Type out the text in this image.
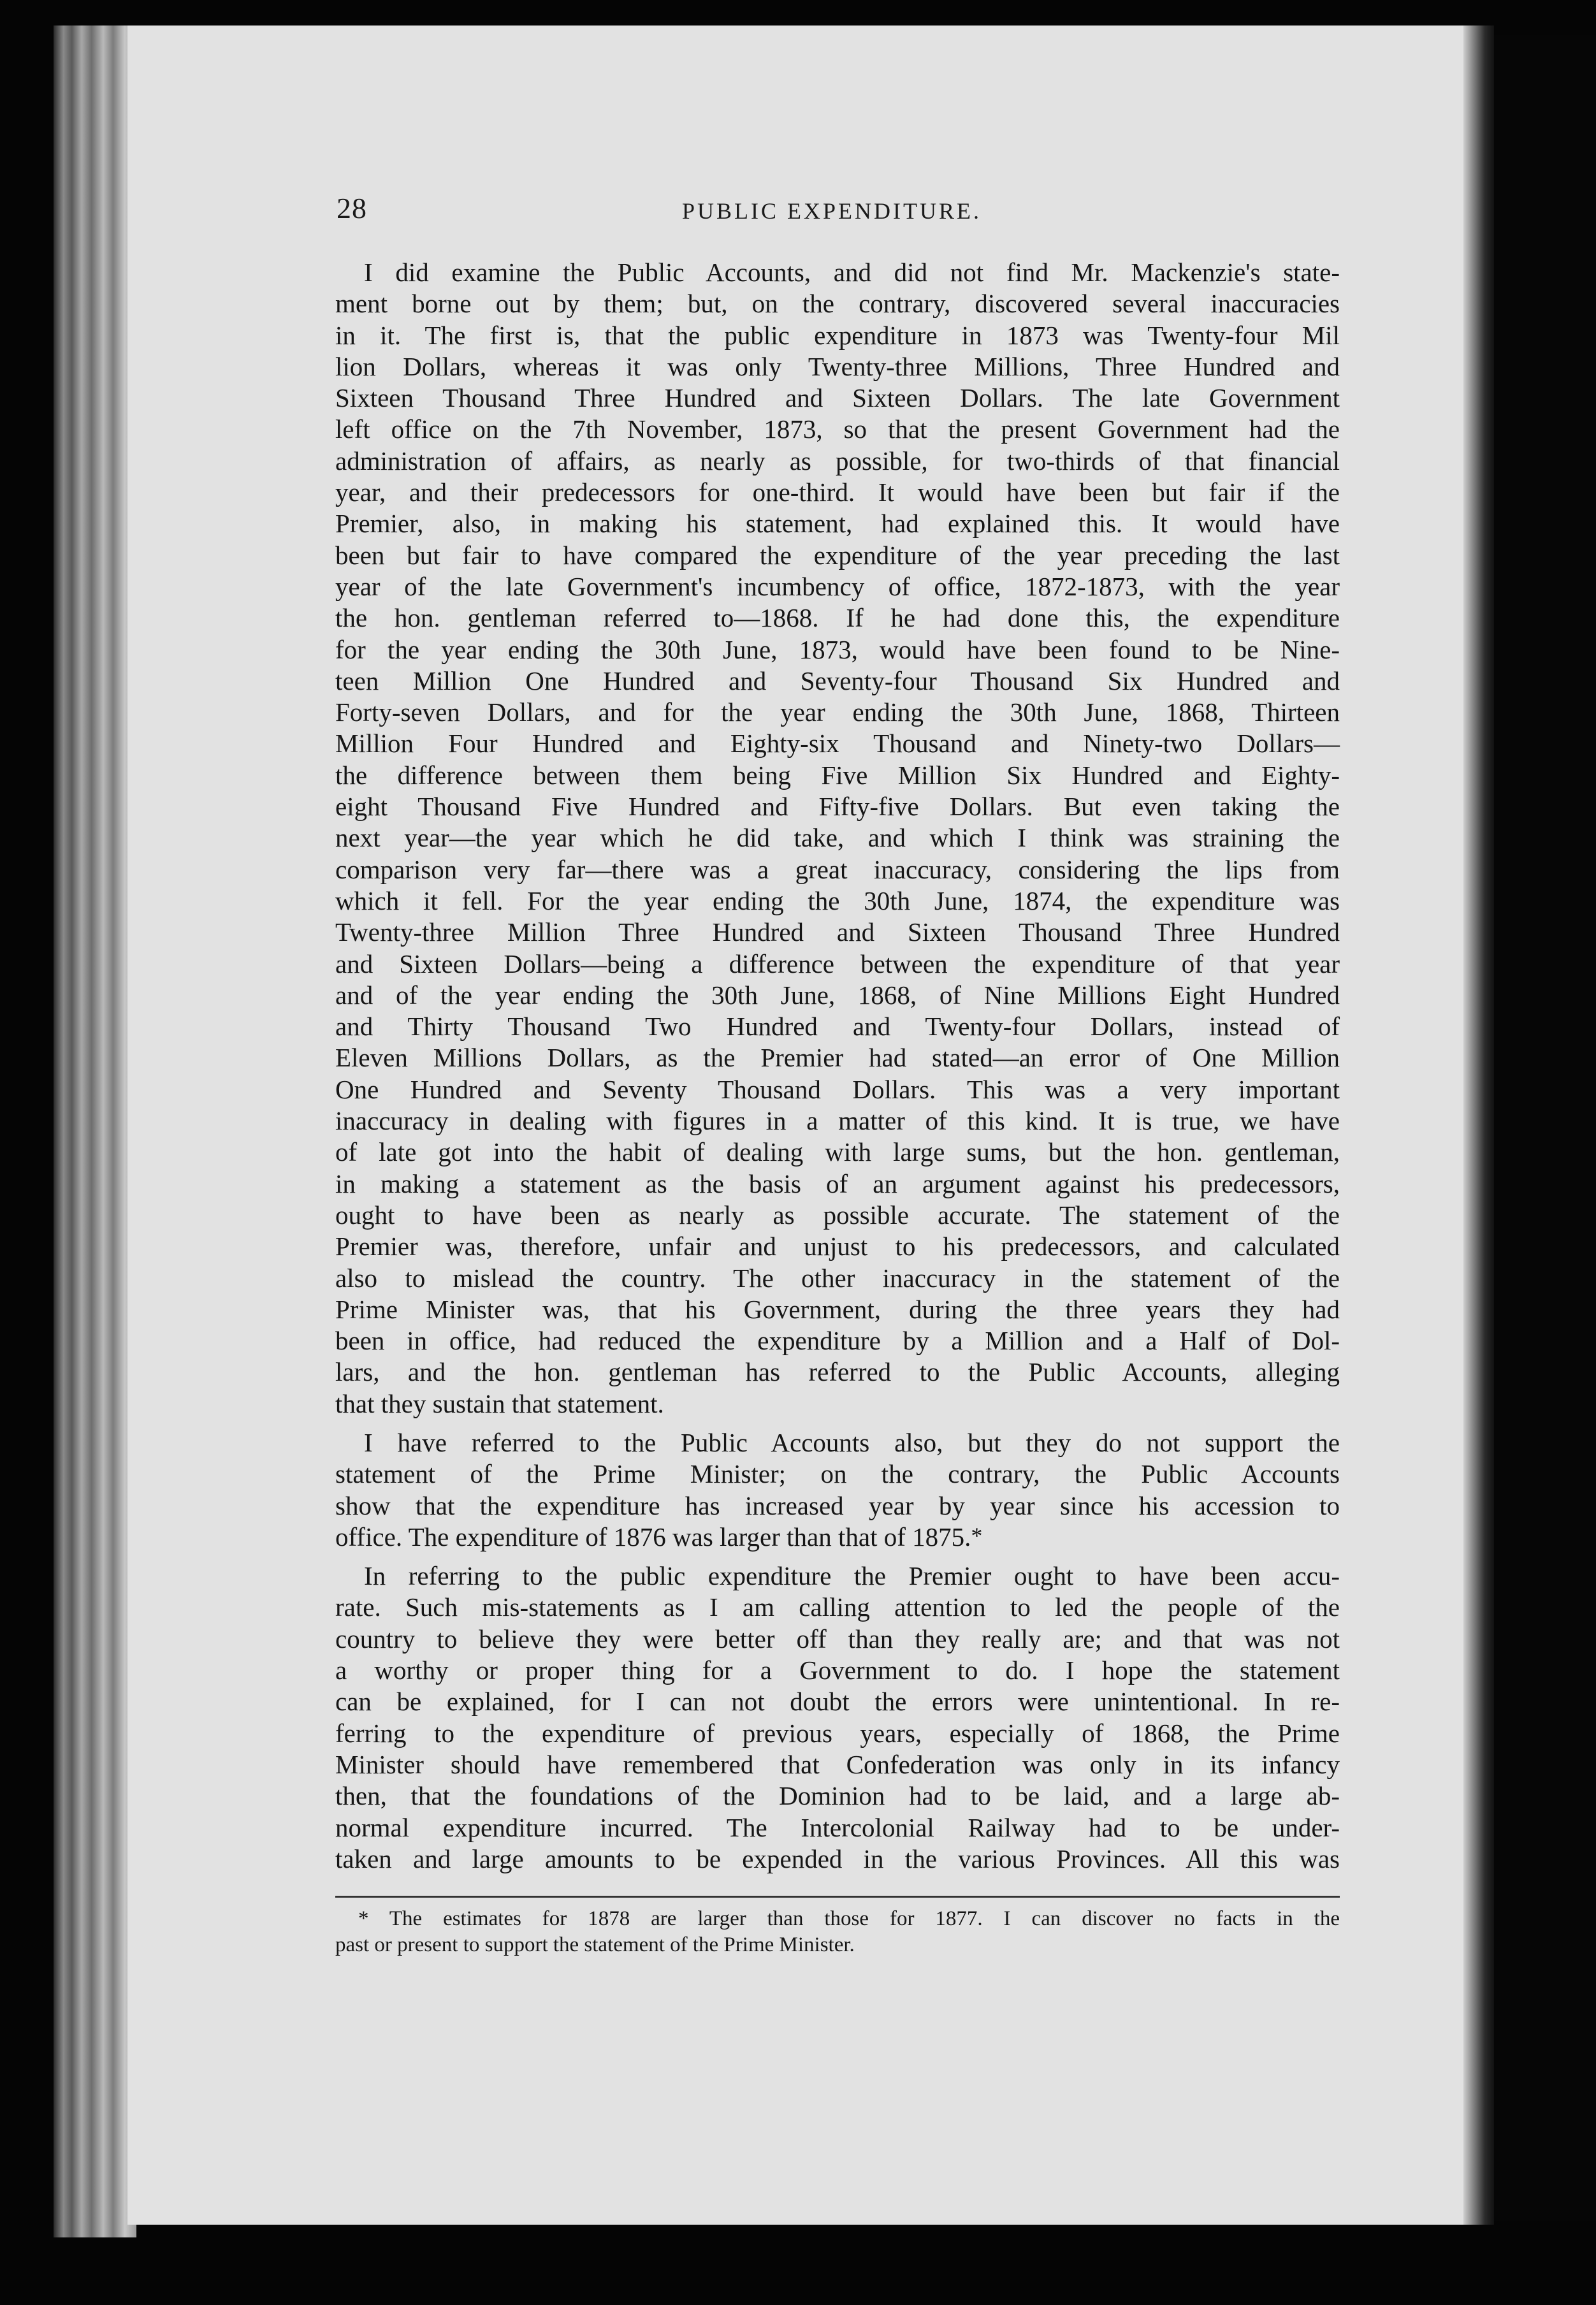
28	PUBLIC EXPENDITURE.
I did examine the Public Accounts, and did not find Mr. Mackenzie's state-
ment borne out by them; but, on the contrary, discovered several inaccuracies
in it. The first is, that the public expenditure in 1873 was Twenty-four Mil
lion Dollars, whereas it was only Twenty-three Millions, Three Hundred and
Sixteen Thousand Three Hundred and Sixteen Dollars. The late Government
left office on the 7th November, 1873, so that the present Government had the
administration of affairs, as nearly as possible, for two-thirds of that financial
year, and their predecessors for one-third. It would have been but fair if the
Premier, also, in making his statement, had explained this. It would have
been but fair to have compared the expenditure of the year preceding the last
year of the late Government's incumbency of office, 1872-1873, with the year
the hon. gentleman referred to—1868. If he had done this, the expenditure
for the year ending the 30th June, 1873, would have been found to be Nine-
teen Million One Hundred and Seventy-four Thousand Six Hundred and
Forty-seven Dollars, and for the year ending the 30th June, 1868, Thirteen
Million Four Hundred and Eighty-six Thousand and Ninety-two Dollars—
the difference between them being Five Million Six Hundred and Eighty-
eight Thousand Five Hundred and Fifty-five Dollars. But even taking the
next year—the year which he did take, and which I think was straining the
comparison very far—there was a great inaccuracy, considering the lips from
which it fell. For the year ending the 30th June, 1874, the expenditure was
Twenty-three Million Three Hundred and Sixteen Thousand Three Hundred
and Sixteen Dollars—being a difference between the expenditure of that year
and of the year ending the 30th June, 1868, of Nine Millions Eight Hundred
and Thirty Thousand Two Hundred and Twenty-four Dollars, instead of
Eleven Millions Dollars, as the Premier had stated—an error of One Million
One Hundred and Seventy Thousand Dollars. This was a very important
inaccuracy in dealing with figures in a matter of this kind. It is true, we have
of late got into the habit of dealing with large sums, but the hon. gentleman,
in making a statement as the basis of an argument against his predecessors,
ought to have been as nearly as possible accurate. The statement of the
Premier was, therefore, unfair and unjust to his predecessors, and calculated
also to mislead the country. The other inaccuracy in the statement of the
Prime Minister was, that his Government, during the three years they had
been in office, had reduced the expenditure by a Million and a Half of Dol-
lars, and the hon. gentleman has referred to the Public Accounts, alleging
that they sustain that statement.
I have referred to the Public Accounts also, but they do not support the
statement of the Prime Minister; on the contrary, the Public Accounts
show that the expenditure has increased year by year since his accession to
office. The expenditure of 1876 was larger than that of 1875.*
In referring to the public expenditure the Premier ought to have been accu-
rate. Such mis-statements as I am calling attention to led the people of the
country to believe they were better off than they really are; and that was not
a worthy or proper thing for a Government to do. I hope the statement
can be explained, for I can not doubt the errors were unintentional. In re-
ferring to the expenditure of previous years, especially of 1868, the Prime
Minister should have remembered that Confederation was only in its infancy
then, that the foundations of the Dominion had to be laid, and a large ab-
normal expenditure incurred. The Intercolonial Railway had to be under-
taken and large amounts to be expended in the various Provinces. All this was
* The estimates for 1878 are larger than those for 1877. I can discover no facts in the
past or present to support the statement of the Prime Minister.
